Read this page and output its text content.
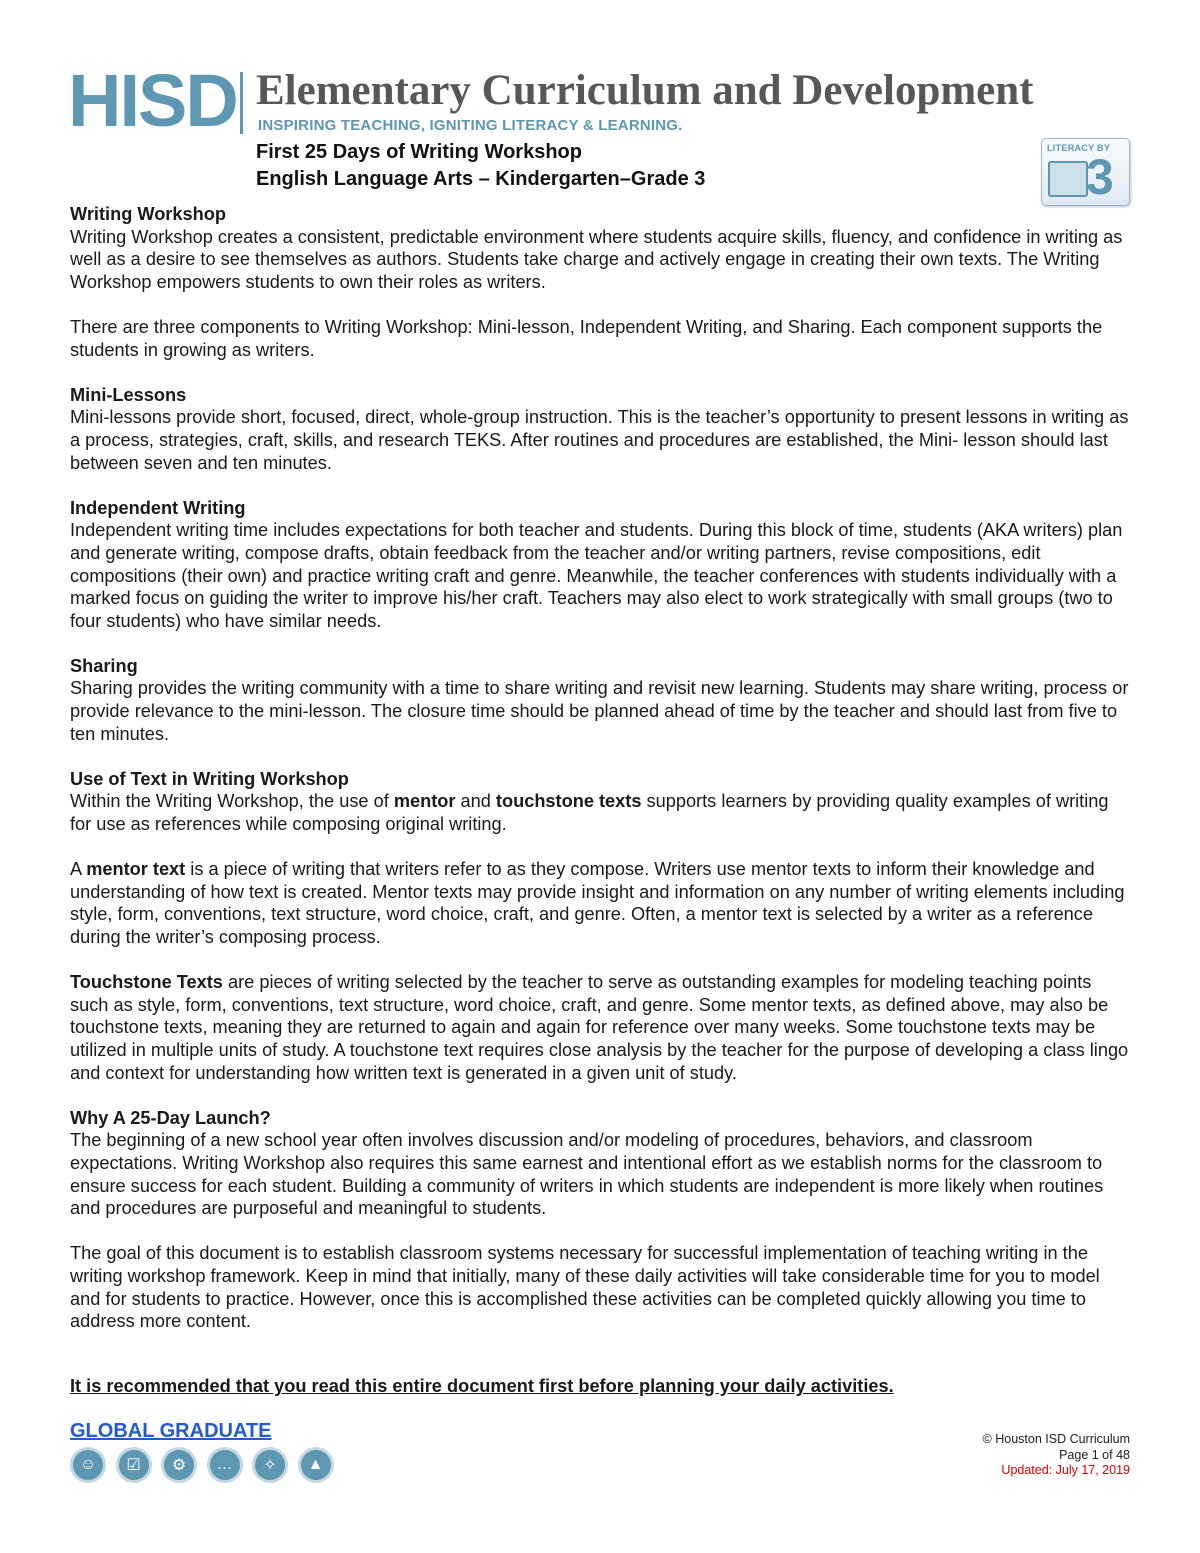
HISD Elementary Curriculum and Development
INSPIRING TEACHING, IGNITING LITERACY & LEARNING.
First 25 Days of Writing Workshop
English Language Arts – Kindergarten–Grade 3
LITERACY BY
3

Writing Workshop
Writing Workshop creates a consistent, predictable environment where students acquire skills, fluency, and confidence in writing as well as a desire to see themselves as authors. Students take charge and actively engage in creating their own texts. The Writing Workshop empowers students to own their roles as writers.

There are three components to Writing Workshop: Mini-lesson, Independent Writing, and Sharing. Each component supports the students in growing as writers.

Mini-Lessons
Mini-lessons provide short, focused, direct, whole-group instruction. This is the teacher’s opportunity to present lessons in writing as a process, strategies, craft, skills, and research TEKS. After routines and procedures are established, the Mini- lesson should last between seven and ten minutes.

Independent Writing
Independent writing time includes expectations for both teacher and students. During this block of time, students (AKA writers) plan and generate writing, compose drafts, obtain feedback from the teacher and/or writing partners, revise compositions, edit compositions (their own) and practice writing craft and genre. Meanwhile, the teacher conferences with students individually with a marked focus on guiding the writer to improve his/her craft. Teachers may also elect to work strategically with small groups (two to four students) who have similar needs.

Sharing
Sharing provides the writing community with a time to share writing and revisit new learning. Students may share writing, process or provide relevance to the mini-lesson. The closure time should be planned ahead of time by the teacher and should last from five to ten minutes.

Use of Text in Writing Workshop
Within the Writing Workshop, the use of mentor and touchstone texts supports learners by providing quality examples of writing for use as references while composing original writing.

A mentor text is a piece of writing that writers refer to as they compose. Writers use mentor texts to inform their knowledge and understanding of how text is created. Mentor texts may provide insight and information on any number of writing elements including style, form, conventions, text structure, word choice, craft, and genre. Often, a mentor text is selected by a writer as a reference during the writer’s composing process.

Touchstone Texts are pieces of writing selected by the teacher to serve as outstanding examples for modeling teaching points such as style, form, conventions, text structure, word choice, craft, and genre. Some mentor texts, as defined above, may also be touchstone texts, meaning they are returned to again and again for reference over many weeks. Some touchstone texts may be utilized in multiple units of study. A touchstone text requires close analysis by the teacher for the purpose of developing a class lingo and context for understanding how written text is generated in a given unit of study.

Why A 25-Day Launch?
The beginning of a new school year often involves discussion and/or modeling of procedures, behaviors, and classroom expectations. Writing Workshop also requires this same earnest and intentional effort as we establish norms for the classroom to ensure success for each student. Building a community of writers in which students are independent is more likely when routines and procedures are purposeful and meaningful to students.

The goal of this document is to establish classroom systems necessary for successful implementation of teaching writing in the writing workshop framework. Keep in mind that initially, many of these daily activities will take considerable time for you to model and for students to practice. However, once this is accomplished these activities can be completed quickly allowing you time to address more content.

It is recommended that you read this entire document first before planning your daily activities.
GLOBAL GRADUATE
☺	☑	⚙	…	✧	▲
© Houston ISD Curriculum
Page 1 of 48
Updated: July 17, 2019
